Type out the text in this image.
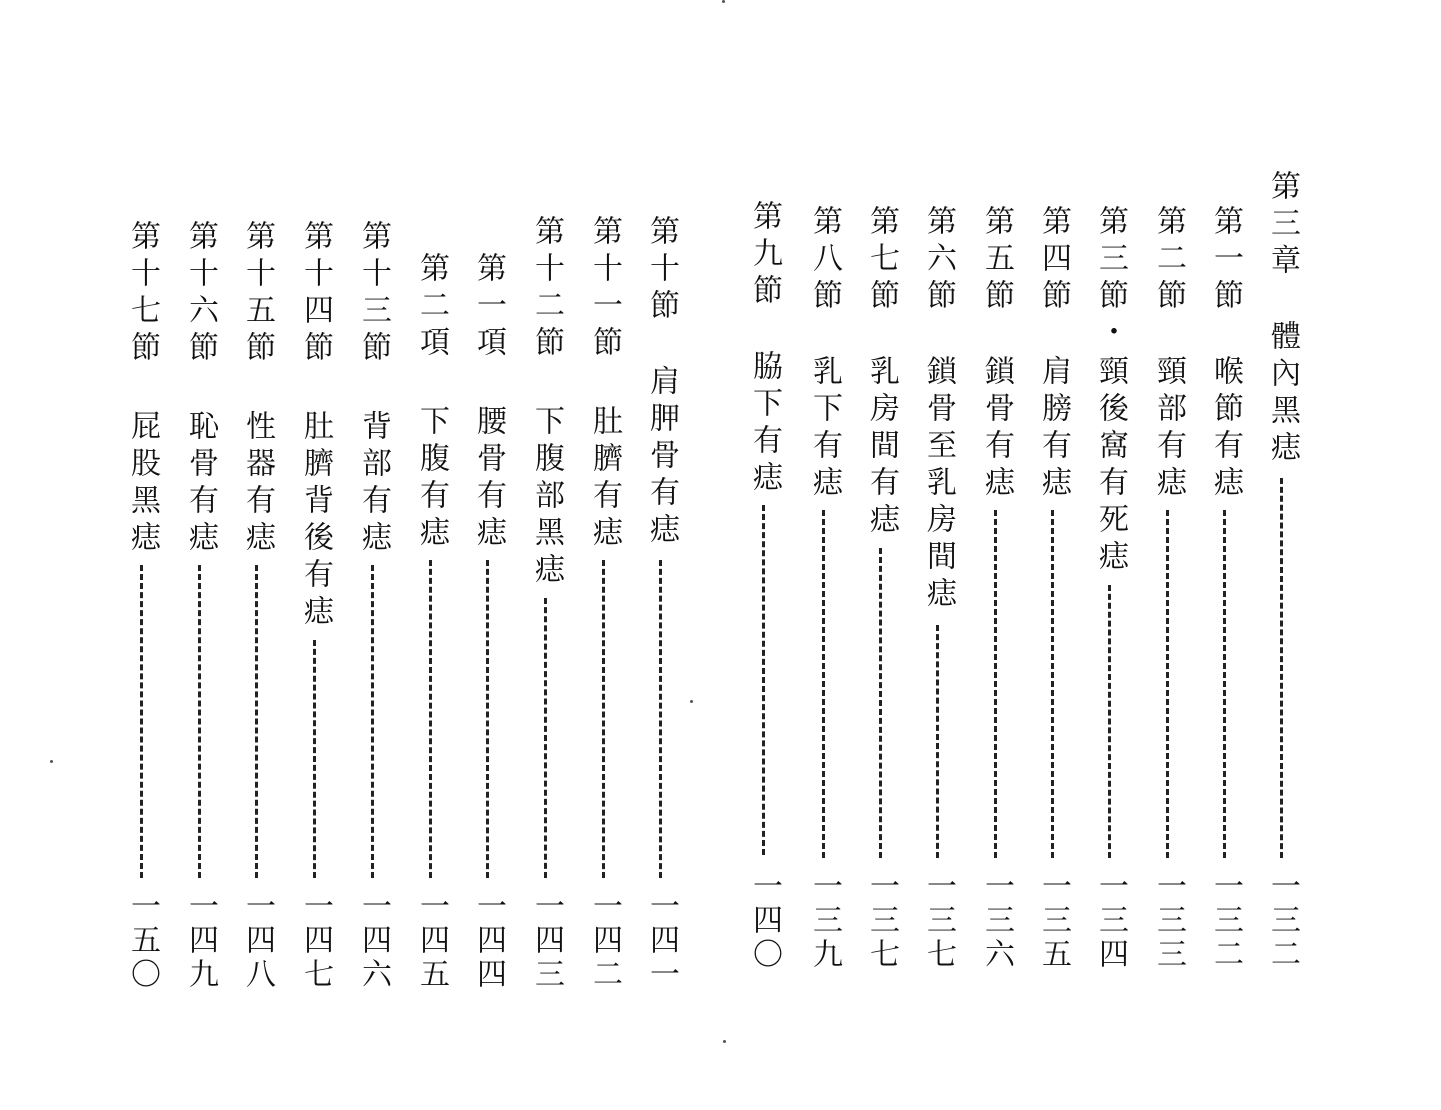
第三章
體內黑痣
一三二
第一節
喉節有痣
一三二
第二節
頸部有痣
一三三
第三節・
頸後窩有死痣
一三四
第四節
肩膀有痣
一三五
第五節
鎖骨有痣
一三六
第六節
鎖骨至乳房間痣
一三七
第七節
乳房間有痣
一三七
第八節
乳下有痣
一三九
第九節
脇下有痣
一四〇
第十節
肩胛骨有痣
一四一
第十一節
肚臍有痣
一四二
第十二節
下腹部黑痣
一四三
第一項
腰骨有痣
一四四
第二項
下腹有痣
一四五
第十三節
背部有痣
一四六
第十四節
肚臍背後有痣
一四七
第十五節
性器有痣
一四八
第十六節
恥骨有痣
一四九
第十七節
屁股黑痣
一五〇
